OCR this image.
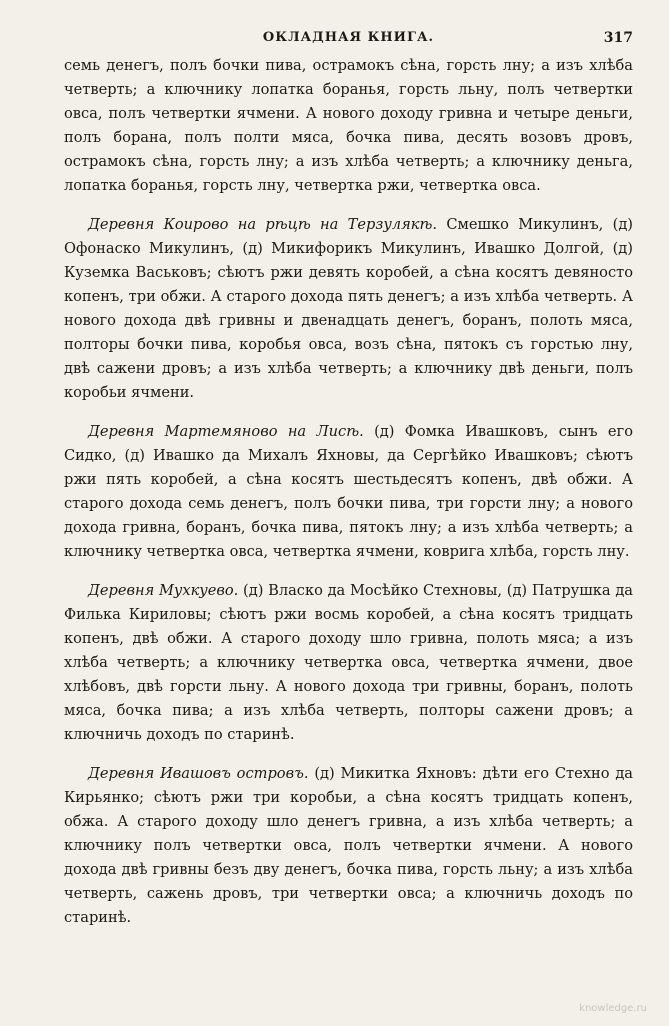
ОКЛАДНАЯ КНИГА.	317

семь денегъ, полъ бочки пива, острамокъ сѣна, горсть лну; а изъ хлѣба четверть; а ключнику лопатка боранья, горсть льну, полъ четвертки овса, полъ четвертки ячмени. А нового доходу гривна и четыре деньги, полъ борана, полъ полти мяса, бочка пива, десять возовъ дровъ, острамокъ сѣна, горсть лну; а изъ хлѣба четверть; а ключнику деньга, лопатка боранья, горсть лну, четвертка ржи, четвертка овса.

Деревня Коирово на рѣцѣ на Терзулякѣ. Смешко Микулинъ, (д) Офонаско Микулинъ, (д) Микифорикъ Микулинъ, Ивашко Долгой, (д) Куземка Васьковъ; сѣютъ ржи девять коробей, а сѣна косятъ девяносто копенъ, три обжи. А старого дохода пять денегъ; а изъ хлѣба четверть. А нового дохода двѣ гривны и двенадцать денегъ, боранъ, полоть мяса, полторы бочки пива, коробья овса, возъ сѣна, пятокъ съ горстью лну, двѣ сажени дровъ; а изъ хлѣба четверть; а ключнику двѣ деньги, полъ коробьи ячмени.

Деревня Мартемяново на Лисѣ. (д) Фомка Ивашковъ, сынъ его Сидко, (д) Ивашко да Михалъ Яхновы, да Сергѣйко Ивашковъ; сѣютъ ржи пять коробей, а сѣна косятъ шестьдесятъ копенъ, двѣ обжи. А старого дохода семь денегъ, полъ бочки пива, три горсти лну; а нового дохода гривна, боранъ, бочка пива, пятокъ лну; а изъ хлѣба четверть; а ключнику четвертка овса, четвертка ячмени, коврига хлѣба, горсть лну.

Деревня Мухкуево. (д) Власко да Мосѣйко Стехновы, (д) Патрушка да Филька Кириловы; сѣютъ ржи восмь коробей, а сѣна косятъ тридцать копенъ, двѣ обжи. А старого доходу шло гривна, полоть мяса; а изъ хлѣба четверть; а ключнику четвертка овса, четвертка ячмени, двое хлѣбовъ, двѣ горсти льну. А нового дохода три гривны, боранъ, полоть мяса, бочка пива; а изъ хлѣба четверть, полторы сажени дровъ; а ключничь доходъ по старинѣ.

Деревня Ивашовъ островъ. (д) Микитка Яхновъ: дѣти его Стехно да Кирьянко; сѣютъ ржи три коробьи, а сѣна косятъ тридцать копенъ, обжа. А старого доходу шло денегъ гривна, а изъ хлѣба четверть; а ключнику полъ четвертки овса, полъ четвертки ячмени. А нового дохода двѣ гривны безъ дву денегъ, бочка пива, горсть льну; а изъ хлѣба четверть, сажень дровъ, три четвертки овса; а ключничь доходъ по старинѣ.

knowledge.ru
